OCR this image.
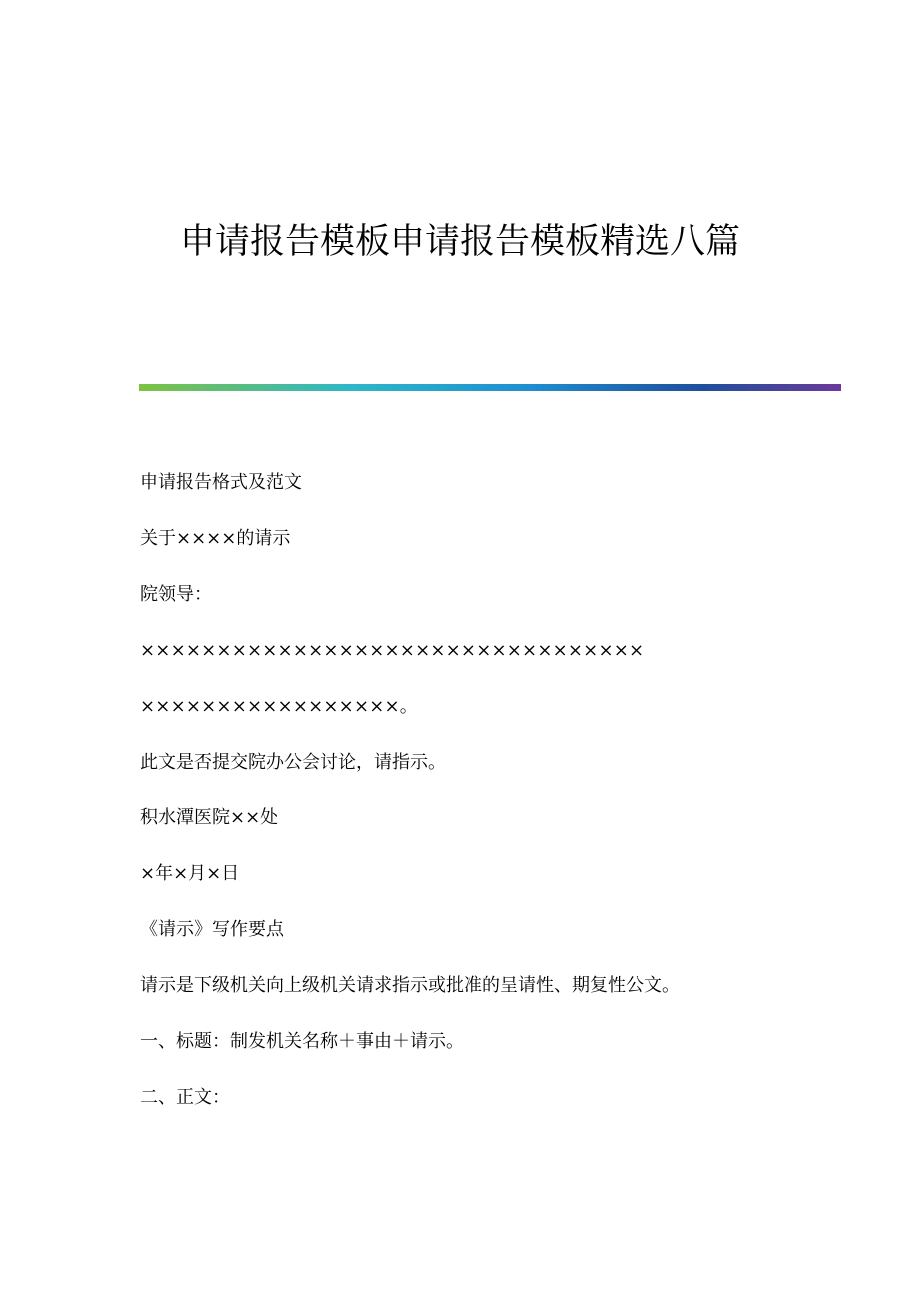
申请报告模板申请报告模板精选八篇

申请报告格式及范文

关于××××的请示

院领导：

×××××××××××××××××××××××××××××××××

×××××××××××××××××。

此文是否提交院办公会讨论，请指示。

积水潭医院××处

×年×月×日

《请示》写作要点

请示是下级机关向上级机关请求指示或批准的呈请性、期复性公文。

一、标题：制发机关名称＋事由＋请示。

二、正文：
